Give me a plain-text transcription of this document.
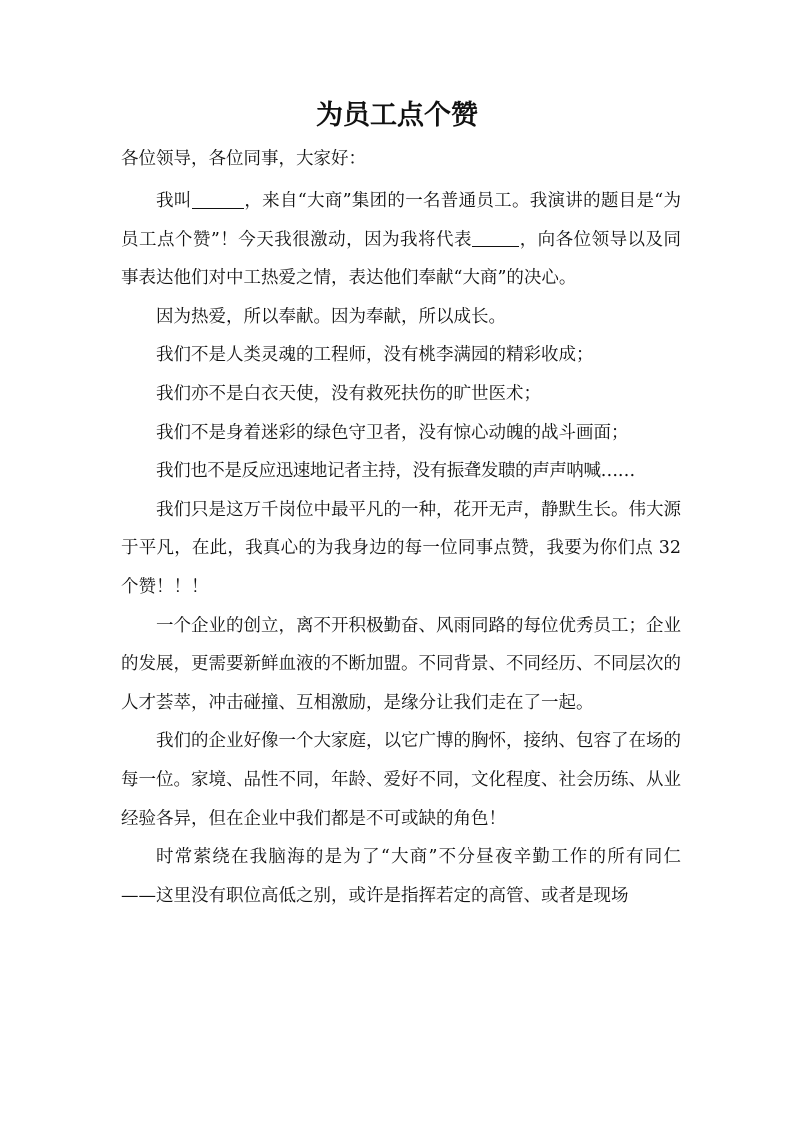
为员工点个赞

各位领导，各位同事，大家好：

我叫	，来自“大商”集团的一名普通员工。我演讲的题目是“为员工点个赞”！今天我很激动，因为我将代表	，向各位领导以及同事表达他们对中工热爱之情，表达他们奉献“大商”的决心。

因为热爱，所以奉献。因为奉献，所以成长。

我们不是人类灵魂的工程师，没有桃李满园的精彩收成；

我们亦不是白衣天使，没有救死扶伤的旷世医术；

我们不是身着迷彩的绿色守卫者，没有惊心动魄的战斗画面；

我们也不是反应迅速地记者主持，没有振聋发聩的声声呐喊……

我们只是这万千岗位中最平凡的一种，花开无声，静默生长。伟大源于平凡，在此，我真心的为我身边的每一位同事点赞，我要为你们点 32 个赞！！！

一个企业的创立，离不开积极勤奋、风雨同路的每位优秀员工；企业的发展，更需要新鲜血液的不断加盟。不同背景、不同经历、不同层次的人才荟萃，冲击碰撞、互相激励，是缘分让我们走在了一起。

我们的企业好像一个大家庭，以它广博的胸怀，接纳、包容了在场的每一位。家境、品性不同，年龄、爱好不同，文化程度、社会历练、从业经验各异，但在企业中我们都是不可或缺的角色！

时常萦绕在我脑海的是为了“大商”不分昼夜辛勤工作的所有同仁——这里没有职位高低之别，或许是指挥若定的高管、或者是现场
